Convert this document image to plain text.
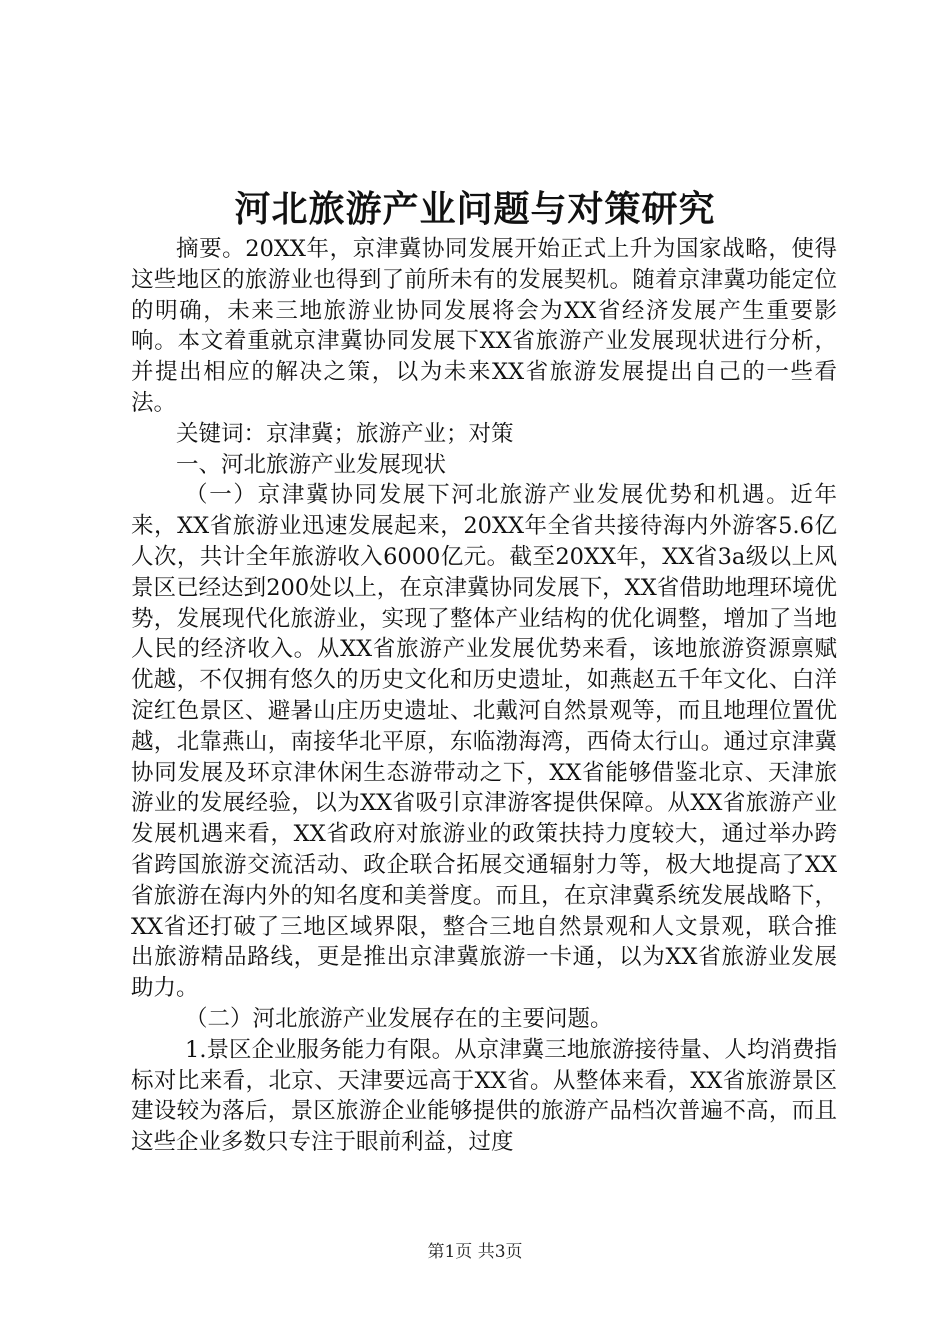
河北旅游产业问题与对策研究

摘要。20XX年，京津冀协同发展开始正式上升为国家战略，使得这些地区的旅游业也得到了前所未有的发展契机。随着京津冀功能定位的明确，未来三地旅游业协同发展将会为XX省经济发展产生重要影响。本文着重就京津冀协同发展下XX省旅游产业发展现状进行分析，并提出相应的解决之策，以为未来XX省旅游发展提出自己的一些看法。

关键词：京津冀；旅游产业；对策

一、河北旅游产业发展现状

（一）京津冀协同发展下河北旅游产业发展优势和机遇。近年来，XX省旅游业迅速发展起来，20XX年全省共接待海内外游客5.6亿人次，共计全年旅游收入6000亿元。截至20XX年，XX省3a级以上风景区已经达到200处以上，在京津冀协同发展下，XX省借助地理环境优势，发展现代化旅游业，实现了整体产业结构的优化调整，增加了当地人民的经济收入。从XX省旅游产业发展优势来看，该地旅游资源禀赋优越，不仅拥有悠久的历史文化和历史遗址，如燕赵五千年文化、白洋淀红色景区、避暑山庄历史遗址、北戴河自然景观等，而且地理位置优越，北靠燕山，南接华北平原，东临渤海湾，西倚太行山。通过京津冀协同发展及环京津休闲生态游带动之下，XX省能够借鉴北京、天津旅游业的发展经验，以为XX省吸引京津游客提供保障。从XX省旅游产业发展机遇来看，XX省政府对旅游业的政策扶持力度较大，通过举办跨省跨国旅游交流活动、政企联合拓展交通辐射力等，极大地提高了XX省旅游在海内外的知名度和美誉度。而且，在京津冀系统发展战略下，XX省还打破了三地区域界限，整合三地自然景观和人文景观，联合推出旅游精品路线，更是推出京津冀旅游一卡通，以为XX省旅游业发展助力。

（二）河北旅游产业发展存在的主要问题。

1.景区企业服务能力有限。从京津冀三地旅游接待量、人均消费指标对比来看，北京、天津要远高于XX省。从整体来看，XX省旅游景区建设较为落后，景区旅游企业能够提供的旅游产品档次普遍不高，而且这些企业多数只专注于眼前利益，过度

第1页 共3页
